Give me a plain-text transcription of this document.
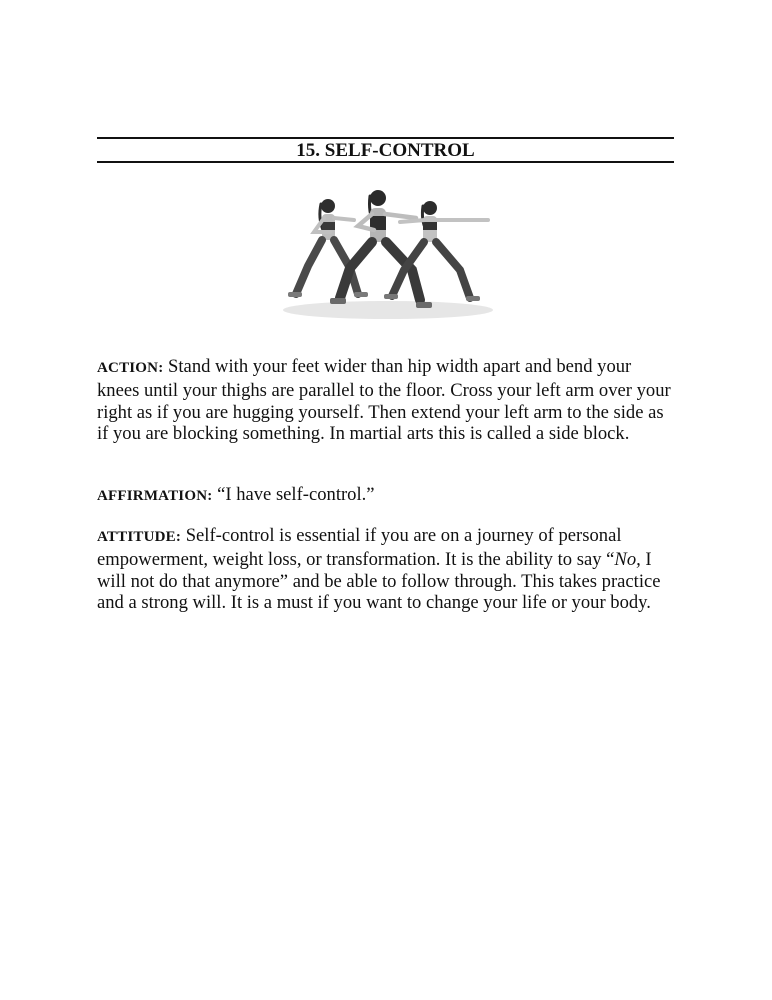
15. SELF-CONTROL

ACTION: Stand with your feet wider than hip width apart and bend your knees until your thighs are parallel to the floor. Cross your left arm over your right as if you are hugging yourself. Then extend your left arm to the side as if you are blocking something. In martial arts this is called a side block.

AFFIRMATION: “I have self-control.”

ATTITUDE: Self-control is essential if you are on a journey of personal empowerment, weight loss, or transformation. It is the ability to say “No, I will not do that anymore” and be able to follow through. This takes practice and a strong will. It is a must if you want to change your life or your body.
